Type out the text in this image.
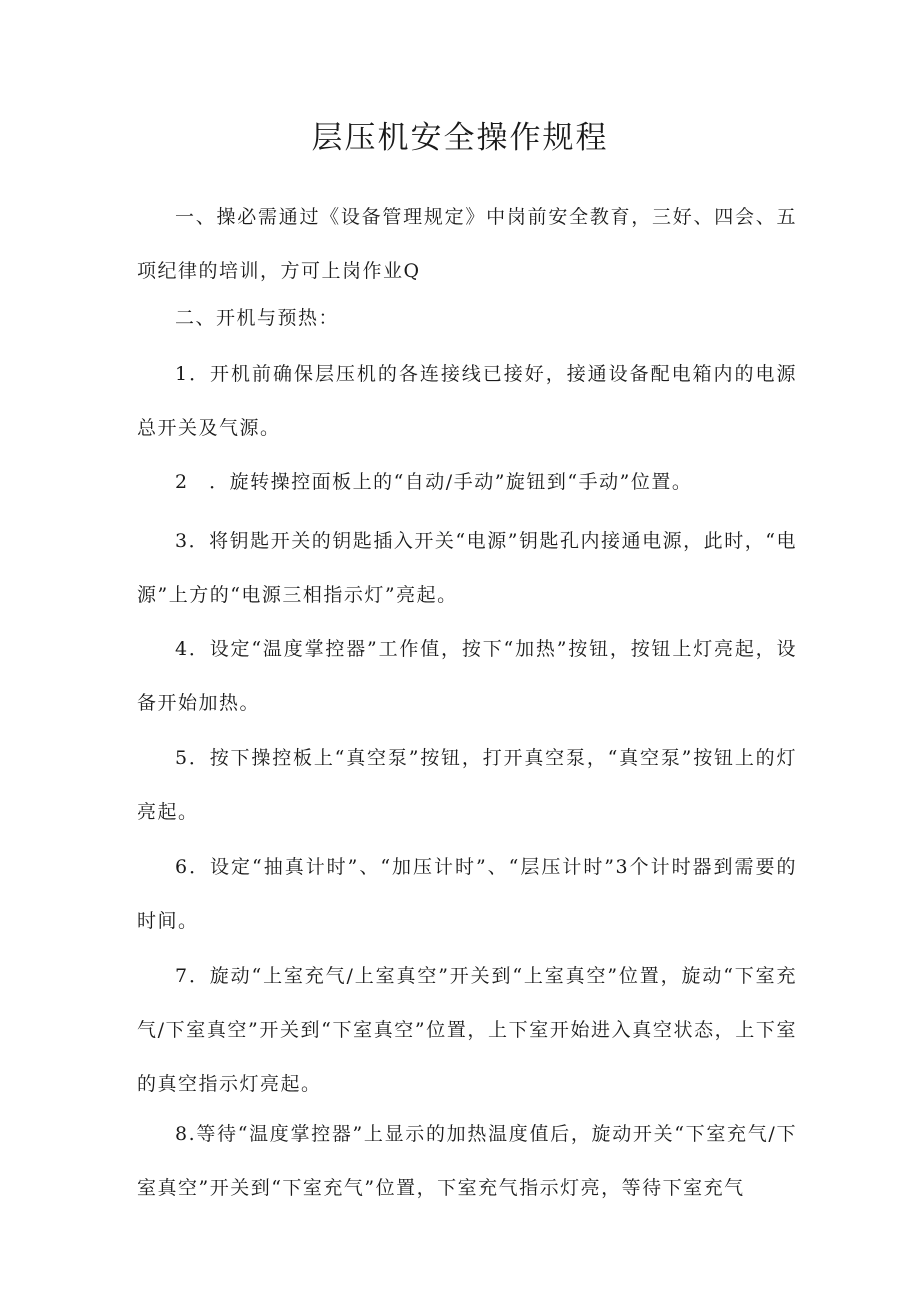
层压机安全操作规程

一、操必需通过《设备管理规定》中岗前安全教育，三好、四会、五项纪律的培训，方可上岗作业Q

二、开机与预热：

1．开机前确保层压机的各连接线已接好，接通设备配电箱内的电源总开关及气源。

2　．旋转操控面板上的“自动/手动”旋钮到“手动”位置。

3．将钥匙开关的钥匙插入开关“电源”钥匙孔内接通电源，此时，“电源”上方的“电源三相指示灯”亮起。

4．设定“温度掌控器”工作值，按下“加热”按钮，按钮上灯亮起，设备开始加热。

5．按下操控板上“真空泵”按钮，打开真空泵，“真空泵”按钮上的灯亮起。

6．设定“抽真计时”、“加压计时”、“层压计时”3个计时器到需要的时间。

7．旋动“上室充气/上室真空”开关到“上室真空”位置，旋动“下室充气/下室真空”开关到“下室真空”位置，上下室开始进入真空状态，上下室的真空指示灯亮起。

8.等待“温度掌控器”上显示的加热温度值后，旋动开关“下室充气/下室真空”开关到“下室充气”位置，下室充气指示灯亮，等待下室充气
